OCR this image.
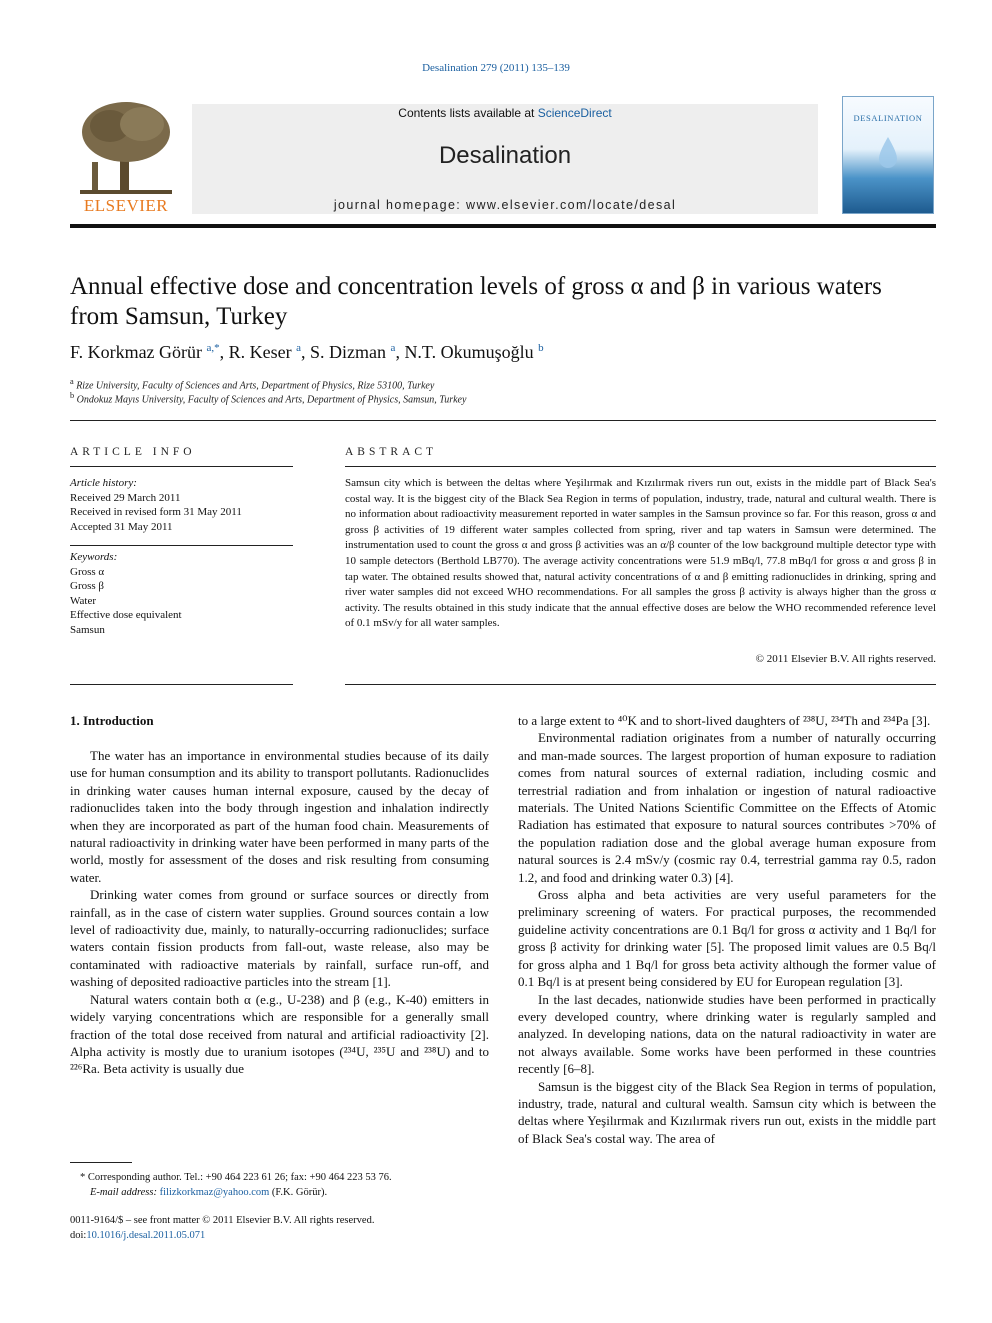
Desalination 279 (2011) 135–139
ELSEVIER
Contents lists available at ScienceDirect
Desalination
journal homepage: www.elsevier.com/locate/desal
DESALINATION
Annual effective dose and concentration levels of gross α and β in various waters
from Samsun, Turkey
F. Korkmaz Görür $^{a,*}$, R. Keser $^a$, S. Dizman $^a$, N.T. Okumuşoğlu $^b$
$^a$ Rize University, Faculty of Sciences and Arts, Department of Physics, Rize 53100, Turkey
$^b$ Ondokuz Mayıs University, Faculty of Sciences and Arts, Department of Physics, Samsun, Turkey
ARTICLE INFO
Article history:
Received 29 March 2011
Received in revised form 31 May 2011
Accepted 31 May 2011
Keywords:
Gross α
Gross β
Water
Effective dose equivalent
Samsun
ABSTRACT
Samsun city which is between the deltas where Yeşilırmak and Kızılırmak rivers run out, exists in the middle part of Black Sea's costal way. It is the biggest city of the Black Sea Region in terms of population, industry, trade, natural and cultural wealth. There is no information about radioactivity measurement reported in water samples in the Samsun province so far. For this reason, gross α and gross β activities of 19 different water samples collected from spring, river and tap waters in Samsun were determined. The instrumentation used to count the gross α and gross β activities was an α/β counter of the low background multiple detector type with 10 sample detectors (Berthold LB770). The average activity concentrations were 51.9 mBq/l, 77.8 mBq/l for gross α and gross β in tap water. The obtained results showed that, natural activity concentrations of α and β emitting radionuclides in drinking, spring and river water samples did not exceed WHO recommendations. For all samples the gross β activity is always higher than the gross α activity. The results obtained in this study indicate that the annual effective doses are below the WHO recommended reference level of 0.1 mSv/y for all water samples.
© 2011 Elsevier B.V. All rights reserved.
1. Introduction

The water has an importance in environmental studies because of its daily use for human consumption and its ability to transport pollutants. Radionuclides in drinking water causes human internal exposure, caused by the decay of radionuclides taken into the body through ingestion and inhalation indirectly when they are incorporated as part of the human food chain. Measurements of natural radioactivity in drinking water have been performed in many parts of the world, mostly for assessment of the doses and risk resulting from consuming water.

Drinking water comes from ground or surface sources or directly from rainfall, as in the case of cistern water supplies. Ground sources contain a low level of radioactivity due, mainly, to naturally-occurring radionuclides; surface waters contain fission products from fall-out, waste release, also may be contaminated with radioactive materials by rainfall, surface run-off, and washing of deposited radioactive particles into the stream [1].

Natural waters contain both α (e.g., U-238) and β (e.g., K-40) emitters in widely varying concentrations which are responsible for a generally small fraction of the total dose received from natural and artificial radioactivity [2]. Alpha activity is mostly due to uranium isotopes (²³⁴U, ²³⁵U and ²³⁸U) and to ²²⁶Ra. Beta activity is usually due

to a large extent to ⁴⁰K and to short-lived daughters of ²³⁸U, ²³⁴Th and ²³⁴Pa [3].

Environmental radiation originates from a number of naturally occurring and man-made sources. The largest proportion of human exposure to radiation comes from natural sources of external radiation, including cosmic and terrestrial radiation and from inhalation or ingestion of natural radioactive materials. The United Nations Scientific Committee on the Effects of Atomic Radiation has estimated that exposure to natural sources contributes >70% of the population radiation dose and the global average human exposure from natural sources is 2.4 mSv/y (cosmic ray 0.4, terrestrial gamma ray 0.5, radon 1.2, and food and drinking water 0.3) [4].

Gross alpha and beta activities are very useful parameters for the preliminary screening of waters. For practical purposes, the recommended guideline activity concentrations are 0.1 Bq/l for gross α activity and 1 Bq/l for gross β activity for drinking water [5]. The proposed limit values are 0.5 Bq/l for gross alpha and 1 Bq/l for gross beta activity although the former value of 0.1 Bq/l is at present being considered by EU for European regulation [3].

In the last decades, nationwide studies have been performed in practically every developed country, where drinking water is regularly sampled and analyzed. In developing nations, data on the natural radioactivity in water are not always available. Some works have been performed in these countries recently [6–8].

Samsun is the biggest city of the Black Sea Region in terms of population, industry, trade, natural and cultural wealth. Samsun city which is between the deltas where Yeşilırmak and Kızılırmak rivers run out, exists in the middle part of Black Sea's costal way. The area of

* Corresponding author. Tel.: +90 464 223 61 26; fax: +90 464 223 53 76.
E-mail address: filizkorkmaz@yahoo.com (F.K. Görür).
0011-9164/$ – see front matter © 2011 Elsevier B.V. All rights reserved.
doi:10.1016/j.desal.2011.05.071
